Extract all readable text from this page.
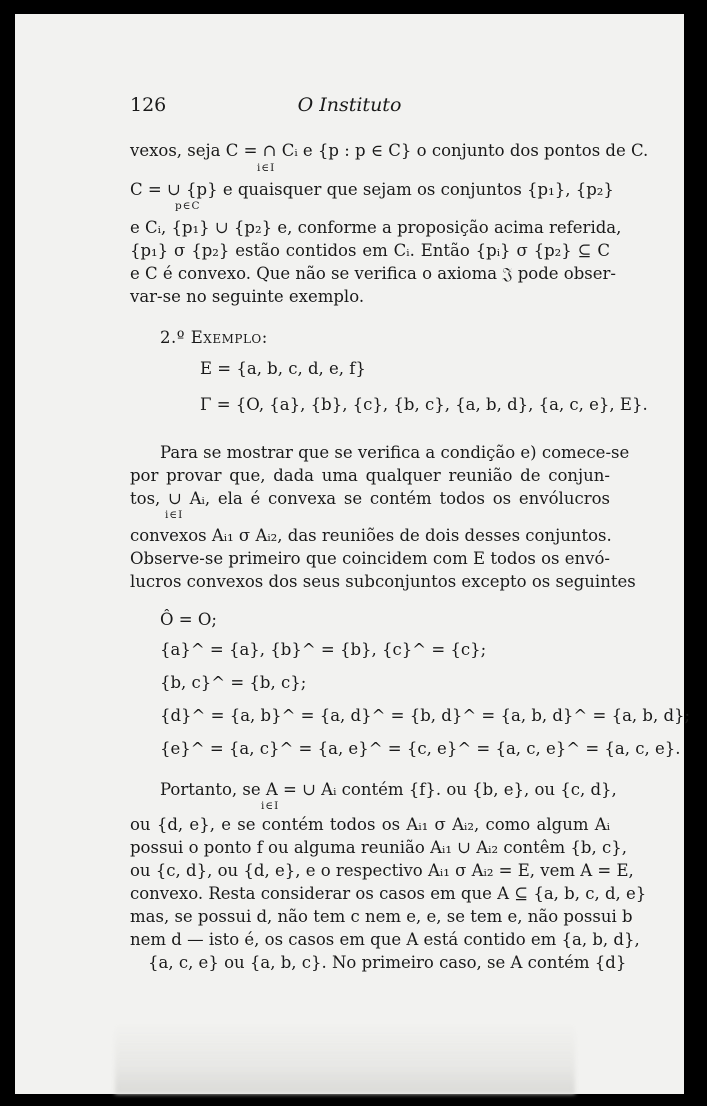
126	O Instituto
vexos, seja C = ∩ Cᵢ e {p : p ∈ C} o conjunto dos pontos de C.
i∈I
C = ∪ {p} e quaisquer que sejam os conjuntos {p₁}, {p₂}
p∈C
e Cᵢ, {p₁} ∪ {p₂} e, conforme a proposição acima referida,
{p₁} σ {p₂} estão contidos em Cᵢ. Então {pᵢ} σ {p₂} ⊆ C
e C é convexo. Que não se verifica o axioma 𝔍 pode obser-
var-se no seguinte exemplo.
2.º Exemplo:
E = {a, b, c, d, e, f}
Γ = {O, {a}, {b}, {c}, {b, c}, {a, b, d}, {a, c, e}, E}.
Para se mostrar que se verifica a condição e) comece-se
por provar que, dada uma qualquer reunião de conjun-
tos, ∪ Aᵢ, ela é convexa se contém todos os envólucros
i∈I
convexos Aᵢ₁ σ Aᵢ₂, das reuniões de dois desses conjuntos.
Observe-se primeiro que coincidem com E todos os envó-
lucros convexos dos seus subconjuntos excepto os seguintes
Ô = O;
{a}^ = {a}, {b}^ = {b}, {c}^ = {c};
{b, c}^ = {b, c};
{d}^ = {a, b}^ = {a, d}^ = {b, d}^ = {a, b, d}^ = {a, b, d};
{e}^ = {a, c}^ = {a, e}^ = {c, e}^ = {a, c, e}^ = {a, c, e}.
Portanto, se A = ∪ Aᵢ contém {f}. ou {b, e}, ou {c, d},
i∈I
ou {d, e}, e se contém todos os Aᵢ₁ σ Aᵢ₂, como algum Aᵢ
possui o ponto f ou alguma reunião Aᵢ₁ ∪ Aᵢ₂ contêm {b, c},
ou {c, d}, ou {d, e}, e o respectivo Aᵢ₁ σ Aᵢ₂ = E, vem A = E,
convexo. Resta considerar os casos em que A ⊆ {a, b, c, d, e}
mas, se possui d, não tem c nem e, e, se tem e, não possui b
nem d — isto é, os casos em que A está contido em {a, b, d},
{a, c, e} ou {a, b, c}. No primeiro caso, se A contém {d}
